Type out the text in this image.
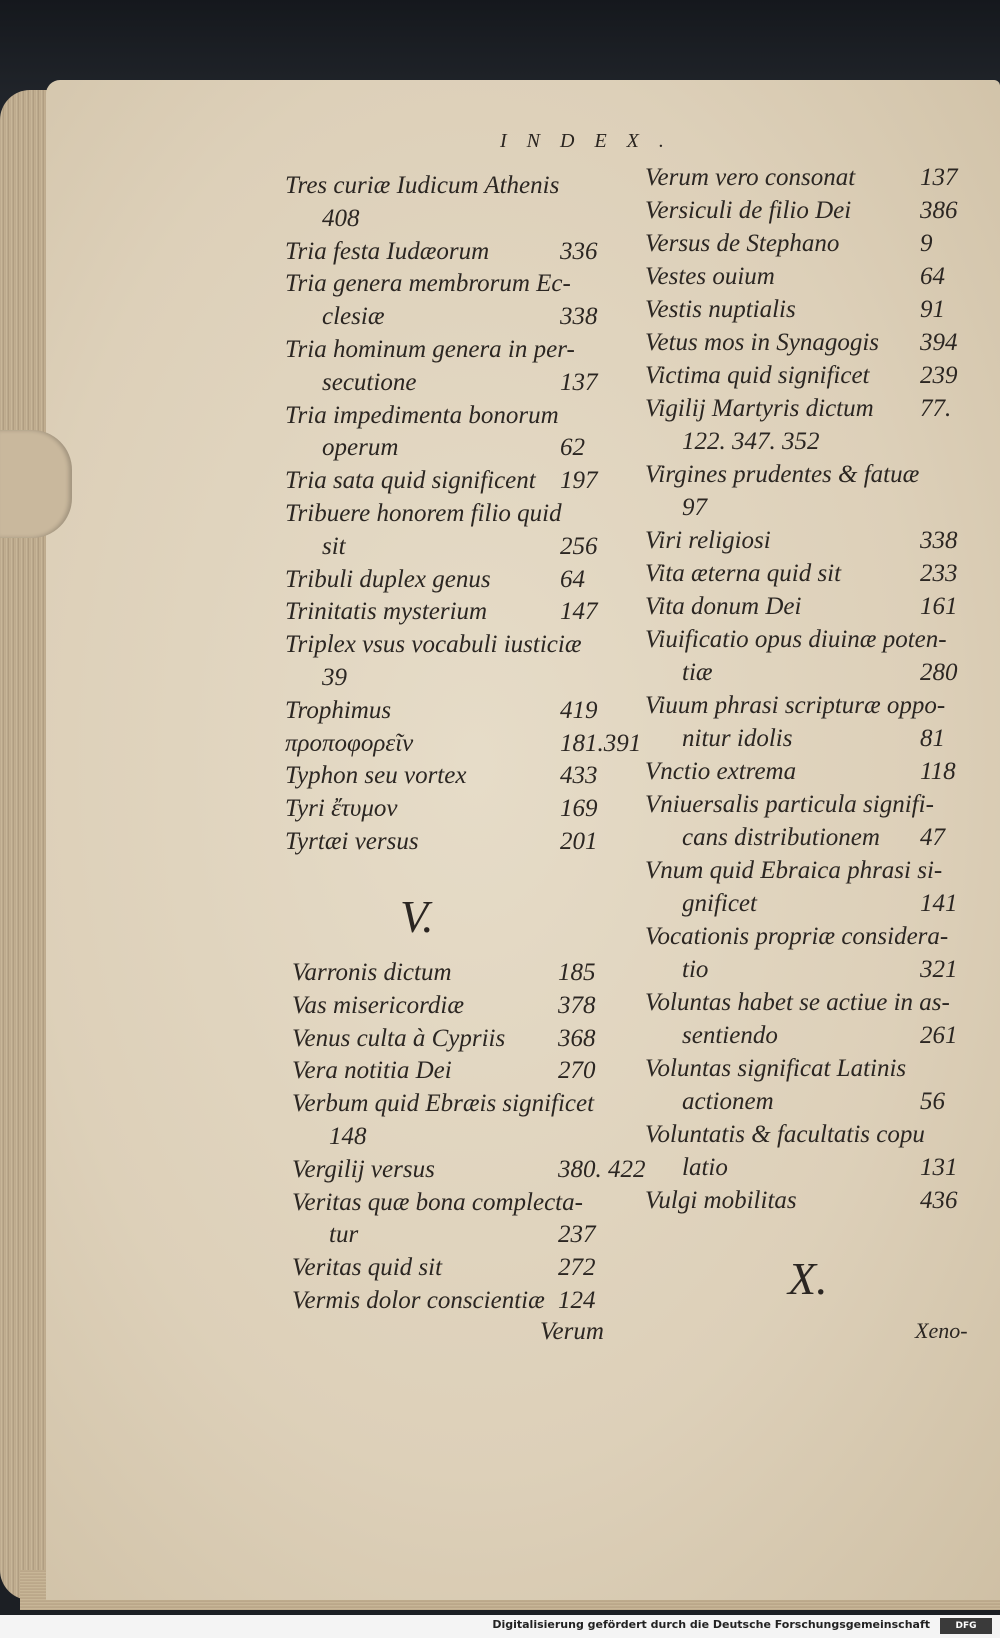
INDEX.
Tres curiæ Iudicum Athenis
408
Tria festa Iudæorum	336
Tria genera membrorum Ec-
clesiæ	338
Tria hominum genera in per-
secutione	137
Tria impedimenta bonorum
operum	62
Tria sata quid significent 197
Tribuere honorem filio quid
sit	256
Tribuli duplex genus	64
Trinitatis mysterium	147
Triplex vsus vocabuli iusticiæ
39
Trophimus	419
προποφορεῖν	181.391
Typhon seu vortex	433
Tyri ἔτυμον	169
Tyrtæi versus	201
V.
Varronis dictum	185
Vas misericordiæ	378
Venus culta à Cypriis 368
Vera notitia Dei	270
Verbum quid Ebræis significet
148
Vergilij versus	380. 422
Veritas quæ bona complecta-
tur	237
Veritas quid sit	272
Vermis dolor conscientiæ 124
Verum
Verum vero consonat	137
Versiculi de filio Dei	386
Versus de Stephano	9
Vestes ouium	64
Vestis nuptialis	91
Vetus mos in Synagogis 394
Victima quid significet 239
Vigilij Martyris dictum 77.
122. 347. 352
Virgines prudentes & fatuæ
97
Viri religiosi	338
Vita æterna quid sit	233
Vita donum Dei	161
Viuificatio opus diuinæ poten-
tiæ	280
Viuum phrasi scripturæ oppo-
nitur idolis	81
Vnctio extrema	118
Vniuersalis particula signifi-
cans distributionem 47
Vnum quid Ebraica phrasi si-
gnificet	141
Vocationis propriæ considera-
tio	321
Voluntas habet se actiue in as-
sentiendo	261
Voluntas significat Latinis
actionem	56
Voluntatis & facultatis copu
latio	131
Vulgi mobilitas	436
X.
Xeno-
Digitalisierung gefördert durch die Deutsche Forschungsgemeinschaft	DFG
